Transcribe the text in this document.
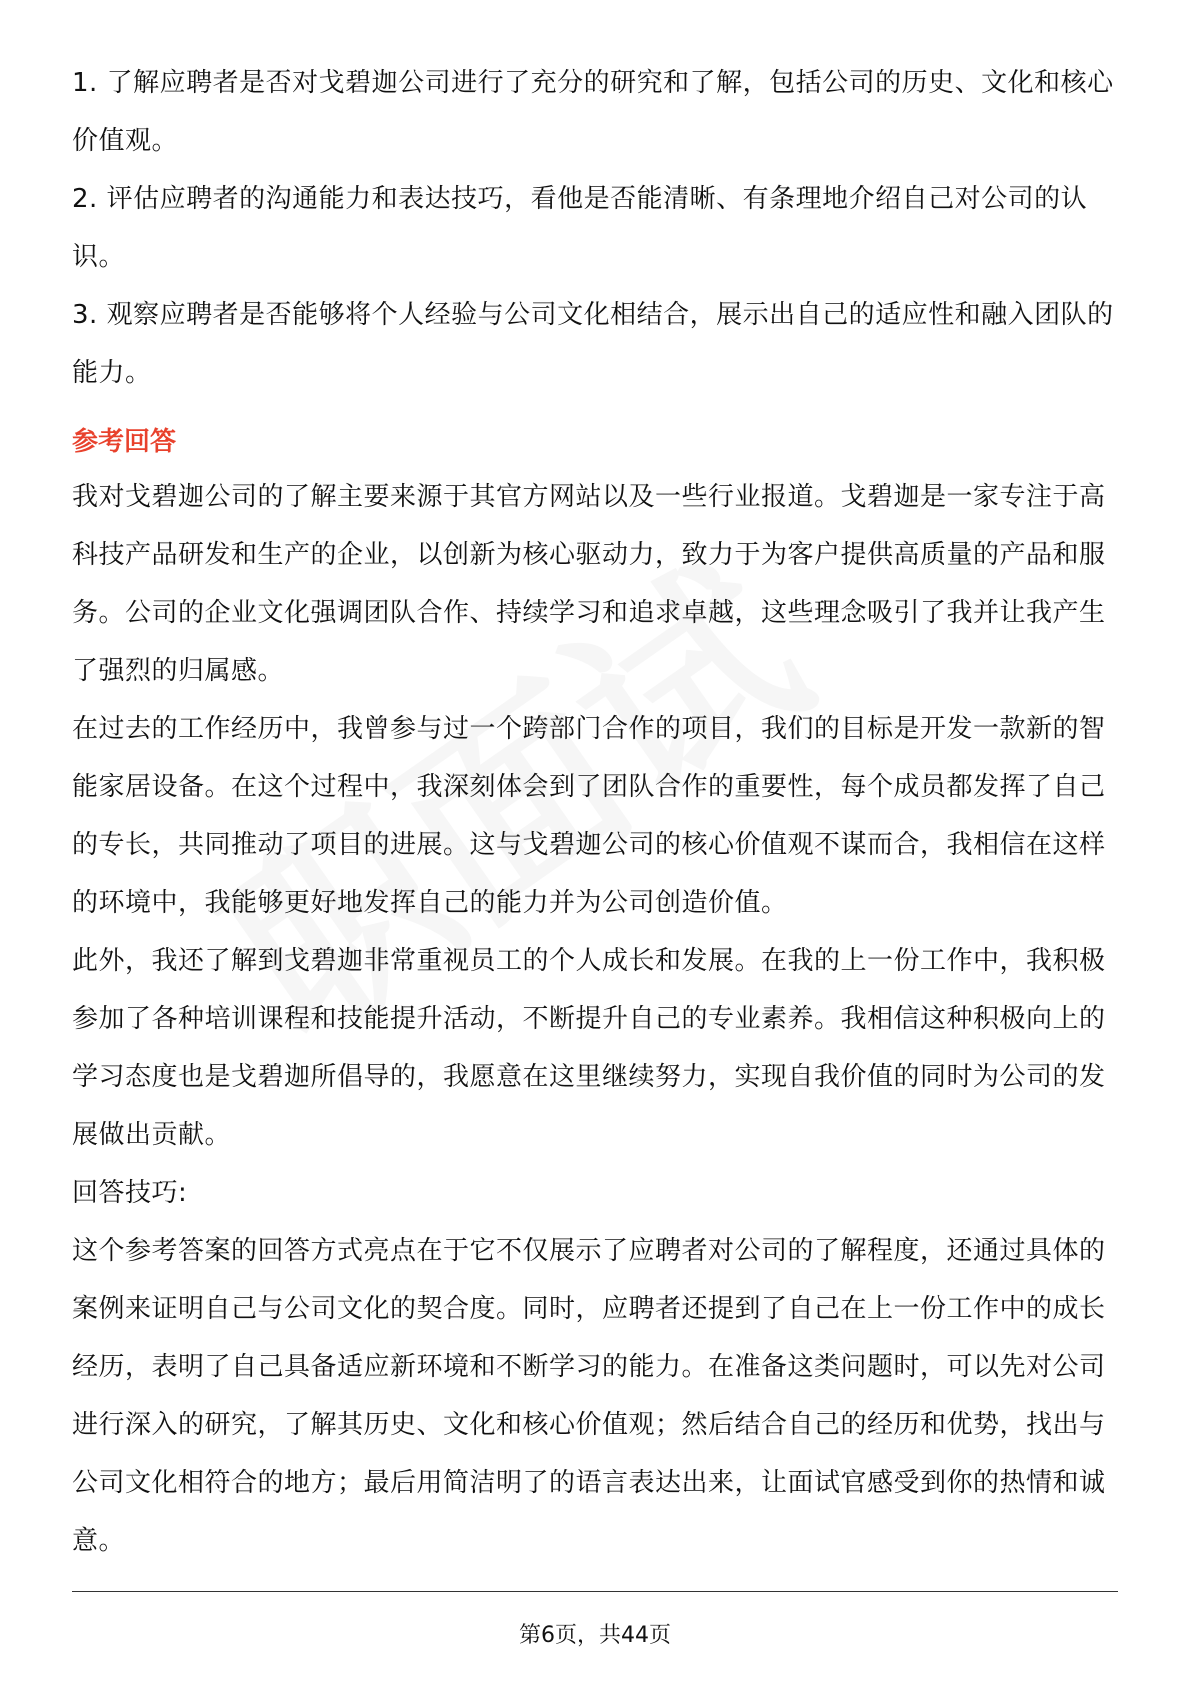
1. 了解应聘者是否对戈碧迦公司进行了充分的研究和了解，包括公司的历史、文化和核心价值观。

2. 评估应聘者的沟通能力和表达技巧，看他是否能清晰、有条理地介绍自己对公司的认识。

3. 观察应聘者是否能够将个人经验与公司文化相结合，展示出自己的适应性和融入团队的能力。

参考回答

我对戈碧迦公司的了解主要来源于其官方网站以及一些行业报道。戈碧迦是一家专注于高科技产品研发和生产的企业，以创新为核心驱动力，致力于为客户提供高质量的产品和服务。公司的企业文化强调团队合作、持续学习和追求卓越，这些理念吸引了我并让我产生了强烈的归属感。

在过去的工作经历中，我曾参与过一个跨部门合作的项目，我们的目标是开发一款新的智能家居设备。在这个过程中，我深刻体会到了团队合作的重要性，每个成员都发挥了自己的专长，共同推动了项目的进展。这与戈碧迦公司的核心价值观不谋而合，我相信在这样的环境中，我能够更好地发挥自己的能力并为公司创造价值。

此外，我还了解到戈碧迦非常重视员工的个人成长和发展。在我的上一份工作中，我积极参加了各种培训课程和技能提升活动，不断提升自己的专业素养。我相信这种积极向上的学习态度也是戈碧迦所倡导的，我愿意在这里继续努力，实现自我价值的同时为公司的发展做出贡献。

回答技巧:

这个参考答案的回答方式亮点在于它不仅展示了应聘者对公司的了解程度，还通过具体的案例来证明自己与公司文化的契合度。同时，应聘者还提到了自己在上一份工作中的成长经历，表明了自己具备适应新环境和不断学习的能力。在准备这类问题时，可以先对公司进行深入的研究，了解其历史、文化和核心价值观；然后结合自己的经历和优势，找出与公司文化相符合的地方；最后用简洁明了的语言表达出来，让面试官感受到你的热情和诚意。

第6页，共44页
